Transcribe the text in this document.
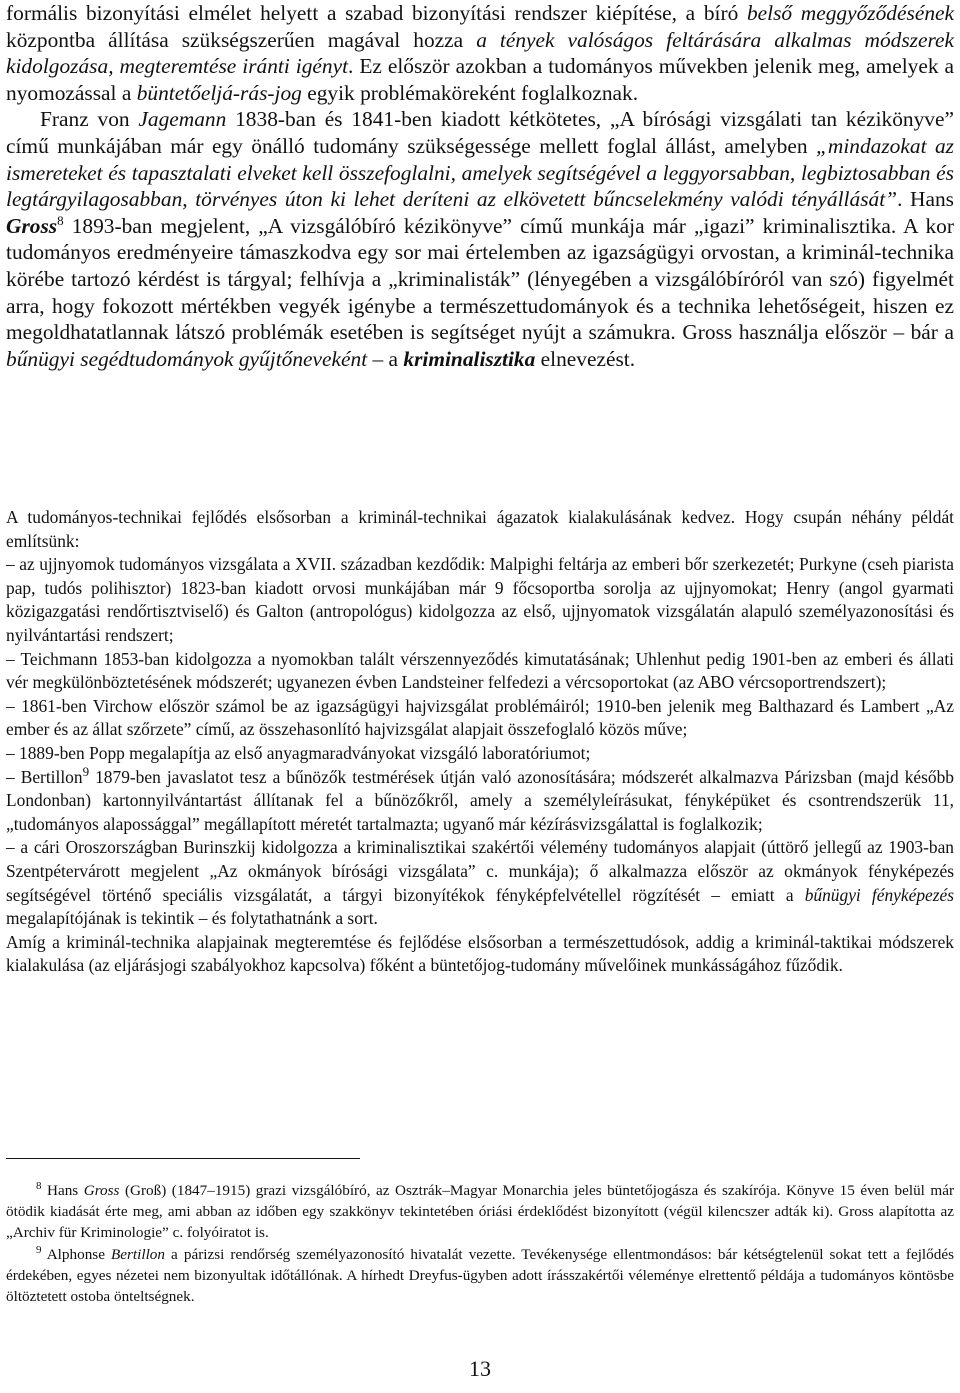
formális bizonyítási elmélet helyett a szabad bizonyítási rendszer kiépítése, a bíró belső meggyőződésének központba állítása szükségszerűen magával hozza a tények valóságos feltárására alkalmas módszerek kidolgozása, megteremtése iránti igényt. Ez először azokban a tudományos művekben jelenik meg, amelyek a nyomozással a büntetőeljá-rás-jog egyik problémaköreként foglalkoznak.
Franz von Jagemann 1838-ban és 1841-ben kiadott kétkötetes, „A bírósági vizsgálati tan kézikönyve” című munkájában már egy önálló tudomány szükségessége mellett foglal állást, amelyben „mindazokat az ismereteket és tapasztalati elveket kell összefoglalni, amelyek segítségével a leggyorsabban, legbiztosabban és legtárgyilagosabban, törvényes úton ki lehet deríteni az elkövetett bűncselekmény valódi tényállását”. Hans Gross$^8$ 1893-ban megjelent, „A vizsgálóbíró kézikönyve” című munkája már „igazi” kriminalisztika. A kor tudományos eredményeire támaszkodva egy sor mai értelemben az igazságügyi orvostan, a kriminál-technika körébe tartozó kérdést is tárgyal; felhívja a „kriminalisták” (lényegében a vizsgálóbíróról van szó) figyelmét arra, hogy fokozott mértékben vegyék igénybe a természettudományok és a technika lehetőségeit, hiszen ez megoldhatatlannak látszó problémák esetében is segítséget nyújt a számukra. Gross használja először – bár a bűnügyi segédtudományok gyűjtőneveként – a kriminalisztika elnevezést.

A tudományos-technikai fejlődés elsősorban a kriminál-technikai ágazatok kialakulásának kedvez. Hogy csupán néhány példát említsünk:

– az ujjnyomok tudományos vizsgálata a XVII. században kezdődik: Malpighi feltárja az emberi bőr szerkezetét; Purkyne (cseh piarista pap, tudós polihisztor) 1823-ban kiadott orvosi munkájában már 9 főcsoportba sorolja az ujjnyomokat; Henry (angol gyarmati közigazgatási rendőrtisztviselő) és Galton (antropológus) kidolgozza az első, ujjnyomatok vizsgálatán alapuló személyazonosítási és nyilvántartási rendszert;

– Teichmann 1853-ban kidolgozza a nyomokban talált vérszennyeződés kimutatásának; Uhlenhut pedig 1901-ben az emberi és állati vér megkülönböztetésének módszerét; ugyanezen évben Landsteiner felfedezi a vércsoportokat (az ABO vércsoportrendszert);

– 1861-ben Virchow először számol be az igazságügyi hajvizsgálat problémáiról; 1910-ben jelenik meg Balthazard és Lambert „Az ember és az állat szőrzete” című, az összehasonlító hajvizsgálat alapjait összefoglaló közös műve;

– 1889-ben Popp megalapítja az első anyagmaradványokat vizsgáló laboratóriumot;

– Bertillon$^9$ 1879-ben javaslatot tesz a bűnözők testmérések útján való azonosítására; módszerét alkalmazva Párizsban (majd később Londonban) kartonnyilvántartást állítanak fel a bűnözőkről, amely a személyleírásukat, fényképüket és csontrendszerük 11, „tudományos alapossággal” megállapított méretét tartalmazta; ugyanő már kézírásvizsgálattal is foglalkozik;

– a cári Oroszországban Burinszkij kidolgozza a kriminalisztikai szakértői vélemény tudományos alapjait (úttörő jellegű az 1903-ban Szentpétervárott megjelent „Az okmányok bírósági vizsgálata” c. munkája); ő alkalmazza először az okmányok fényképezés segítségével történő speciális vizsgálatát, a tárgyi bizonyítékok fényképfelvétellel rögzítését – emiatt a bűnügyi fényképezés megalapítójának is tekintik – és folytathatnánk a sort.

Amíg a kriminál-technika alapjainak megteremtése és fejlődése elsősorban a természettudósok, addig a kriminál-taktikai módszerek kialakulása (az eljárásjogi szabályokhoz kapcsolva) főként a büntetőjog-tudomány művelőinek munkásságához fűződik.

$^8$ Hans Gross (Groß) (1847–1915) grazi vizsgálóbíró, az Osztrák–Magyar Monarchia jeles büntetőjogásza és szakírója. Könyve 15 éven belül már ötödik kiadását érte meg, ami abban az időben egy szakkönyv tekintetében óriási érdeklődést bizonyított (végül kilencszer adták ki). Gross alapította az „Archiv für Kriminologie” c. folyóiratot is.

$^9$ Alphonse Bertillon a párizsi rendőrség személyazonosító hivatalát vezette. Tevékenysége ellentmondásos: bár kétségtelenül sokat tett a fejlődés érdekében, egyes nézetei nem bizonyultak időtállónak. A hírhedt Dreyfus-ügyben adott írásszakértői véleménye elrettentő példája a tudományos köntösbe öltöztetett ostoba önteltségnek.

13
